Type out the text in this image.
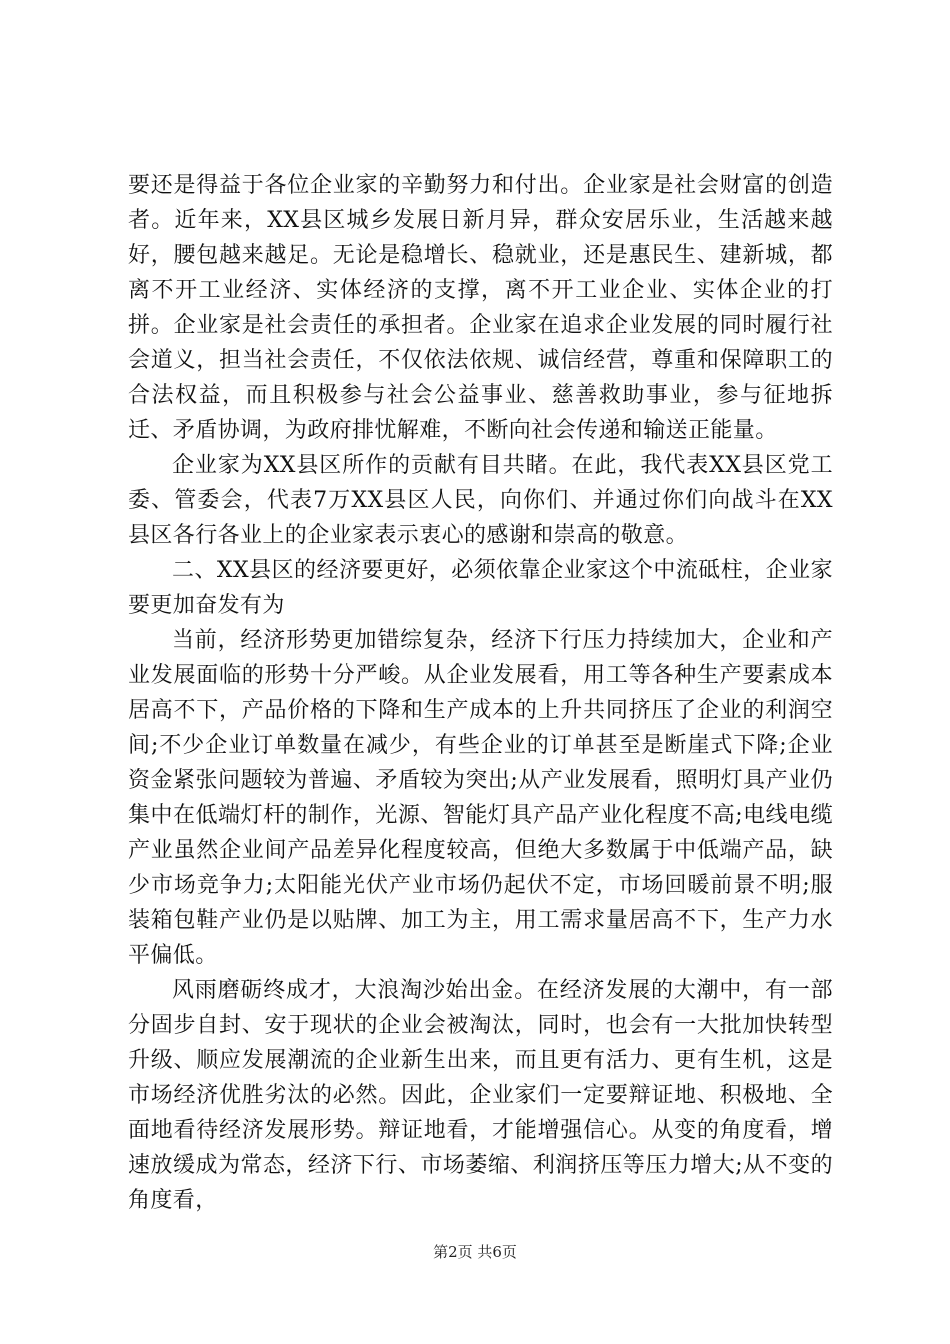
要还是得益于各位企业家的辛勤努力和付出。企业家是社会财富的创造者。近年来，XX县区城乡发展日新月异，群众安居乐业，生活越来越好，腰包越来越足。无论是稳增长、稳就业，还是惠民生、建新城，都离不开工业经济、实体经济的支撑，离不开工业企业、实体企业的打拼。企业家是社会责任的承担者。企业家在追求企业发展的同时履行社会道义，担当社会责任，不仅依法依规、诚信经营，尊重和保障职工的合法权益，而且积极参与社会公益事业、慈善救助事业，参与征地拆迁、矛盾协调，为政府排忧解难，不断向社会传递和输送正能量。

企业家为XX县区所作的贡献有目共睹。在此，我代表XX县区党工委、管委会，代表7万XX县区人民，向你们、并通过你们向战斗在XX县区各行各业上的企业家表示衷心的感谢和崇高的敬意。

二、XX县区的经济要更好，必须依靠企业家这个中流砥柱，企业家要更加奋发有为

当前，经济形势更加错综复杂，经济下行压力持续加大，企业和产业发展面临的形势十分严峻。从企业发展看，用工等各种生产要素成本居高不下，产品价格的下降和生产成本的上升共同挤压了企业的利润空间;不少企业订单数量在减少，有些企业的订单甚至是断崖式下降;企业资金紧张问题较为普遍、矛盾较为突出;从产业发展看，照明灯具产业仍集中在低端灯杆的制作，光源、智能灯具产品产业化程度不高;电线电缆产业虽然企业间产品差异化程度较高，但绝大多数属于中低端产品，缺少市场竞争力;太阳能光伏产业市场仍起伏不定，市场回暖前景不明;服装箱包鞋产业仍是以贴牌、加工为主，用工需求量居高不下，生产力水平偏低。

风雨磨砺终成才，大浪淘沙始出金。在经济发展的大潮中，有一部分固步自封、安于现状的企业会被淘汰，同时，也会有一大批加快转型升级、顺应发展潮流的企业新生出来，而且更有活力、更有生机，这是市场经济优胜劣汰的必然。因此，企业家们一定要辩证地、积极地、全面地看待经济发展形势。辩证地看，才能增强信心。从变的角度看，增速放缓成为常态，经济下行、市场萎缩、利润挤压等压力增大;从不变的角度看，

第2页 共6页
